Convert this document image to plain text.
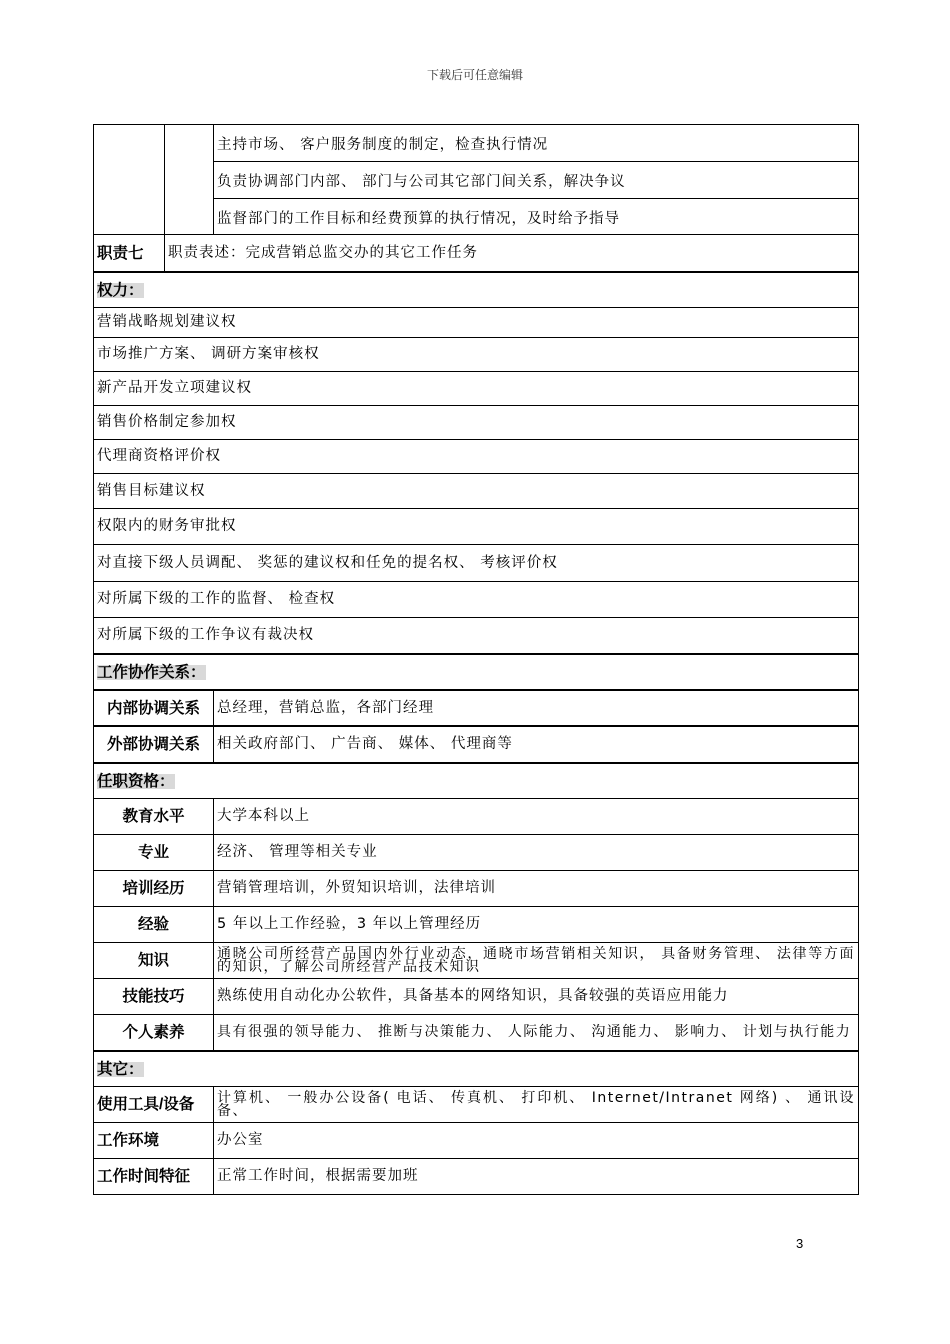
下载后可任意编辑
主持市场、 客户服务制度的制定，检查执行情况
负责协调部门内部、 部门与公司其它部门间关系，解决争议
监督部门的工作目标和经费预算的执行情况，及时给予指导
职责七	职责表述：完成营销总监交办的其它工作任务
权力：
营销战略规划建议权
市场推广方案、 调研方案审核权
新产品开发立项建议权
销售价格制定参加权
代理商资格评价权
销售目标建议权
权限内的财务审批权
对直接下级人员调配、 奖惩的建议权和任免的提名权、 考核评价权
对所属下级的工作的监督、 检查权
对所属下级的工作争议有裁决权
工作协作关系：
内部协调关系	总经理，营销总监，各部门经理
外部协调关系	相关政府部门、 广告商、 媒体、 代理商等
任职资格：
教育水平	大学本科以上
专业	经济、 管理等相关专业
培训经历	营销管理培训，外贸知识培训，法律培训
经验	5 年以上工作经验，3 年以上管理经历
知识	通晓公司所经营产品国内外行业动态，通晓市场营销相关知识， 具备财务管理、 法律等方面的知识，了解公司所经营产品技术知识
技能技巧	熟练使用自动化办公软件，具备基本的网络知识，具备较强的英语应用能力
个人素养	具有很强的领导能力、 推断与决策能力、 人际能力、 沟通能力、 影响力、 计划与执行能力
其它：
使用工具/设备	计算机、 一般办公设备( 电话、 传真机、 打印机、 Internet/Intranet 网络) 、 通讯设备、
工作环境	办公室
工作时间特征	正常工作时间，根据需要加班
3
